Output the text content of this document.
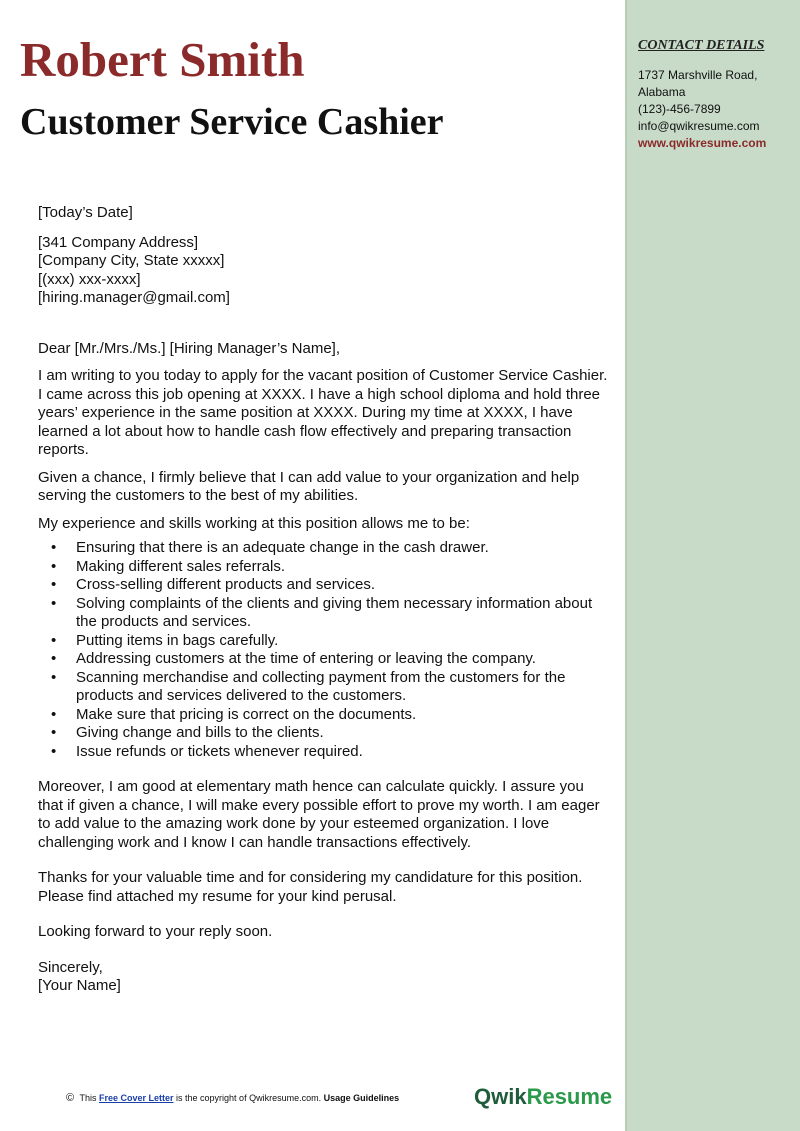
Robert Smith
Customer Service Cashier
CONTACT DETAILS
1737 Marshville Road,
Alabama
(123)-456-7899
info@qwikresume.com
www.qwikresume.com

[Today’s Date]

[341 Company Address]
[Company City, State xxxxx]
[(xxx) xxx-xxxx]
[hiring.manager@gmail.com]

Dear [Mr./Mrs./Ms.] [Hiring Manager’s Name],

I am writing to you today to apply for the vacant position of Customer Service Cashier. I came across this job opening at XXXX. I have a high school diploma and hold three years’ experience in the same position at XXXX. During my time at XXXX, I have learned a lot about how to handle cash flow effectively and preparing transaction reports.

Given a chance, I firmly believe that I can add value to your organization and help serving the customers to the best of my abilities.

My experience and skills working at this position allows me to be:

• Ensuring that there is an adequate change in the cash drawer.
• Making different sales referrals.
• Cross-selling different products and services.
• Solving complaints of the clients and giving them necessary information about the products and services.
• Putting items in bags carefully.
• Addressing customers at the time of entering or leaving the company.
• Scanning merchandise and collecting payment from the customers for the products and services delivered to the customers.
• Make sure that pricing is correct on the documents.
• Giving change and bills to the clients.
• Issue refunds or tickets whenever required.

Moreover, I am good at elementary math hence can calculate quickly. I assure you that if given a chance, I will make every possible effort to prove my worth. I am eager to add value to the amazing work done by your esteemed organization. I love challenging work and I know I can handle transactions effectively.

Thanks for your valuable time and for considering my candidature for this position. Please find attached my resume for your kind perusal.

Looking forward to your reply soon.

Sincerely,

[Your Name]

© This Free Cover Letter is the copyright of Qwikresume.com. Usage Guidelines	QwikResume
